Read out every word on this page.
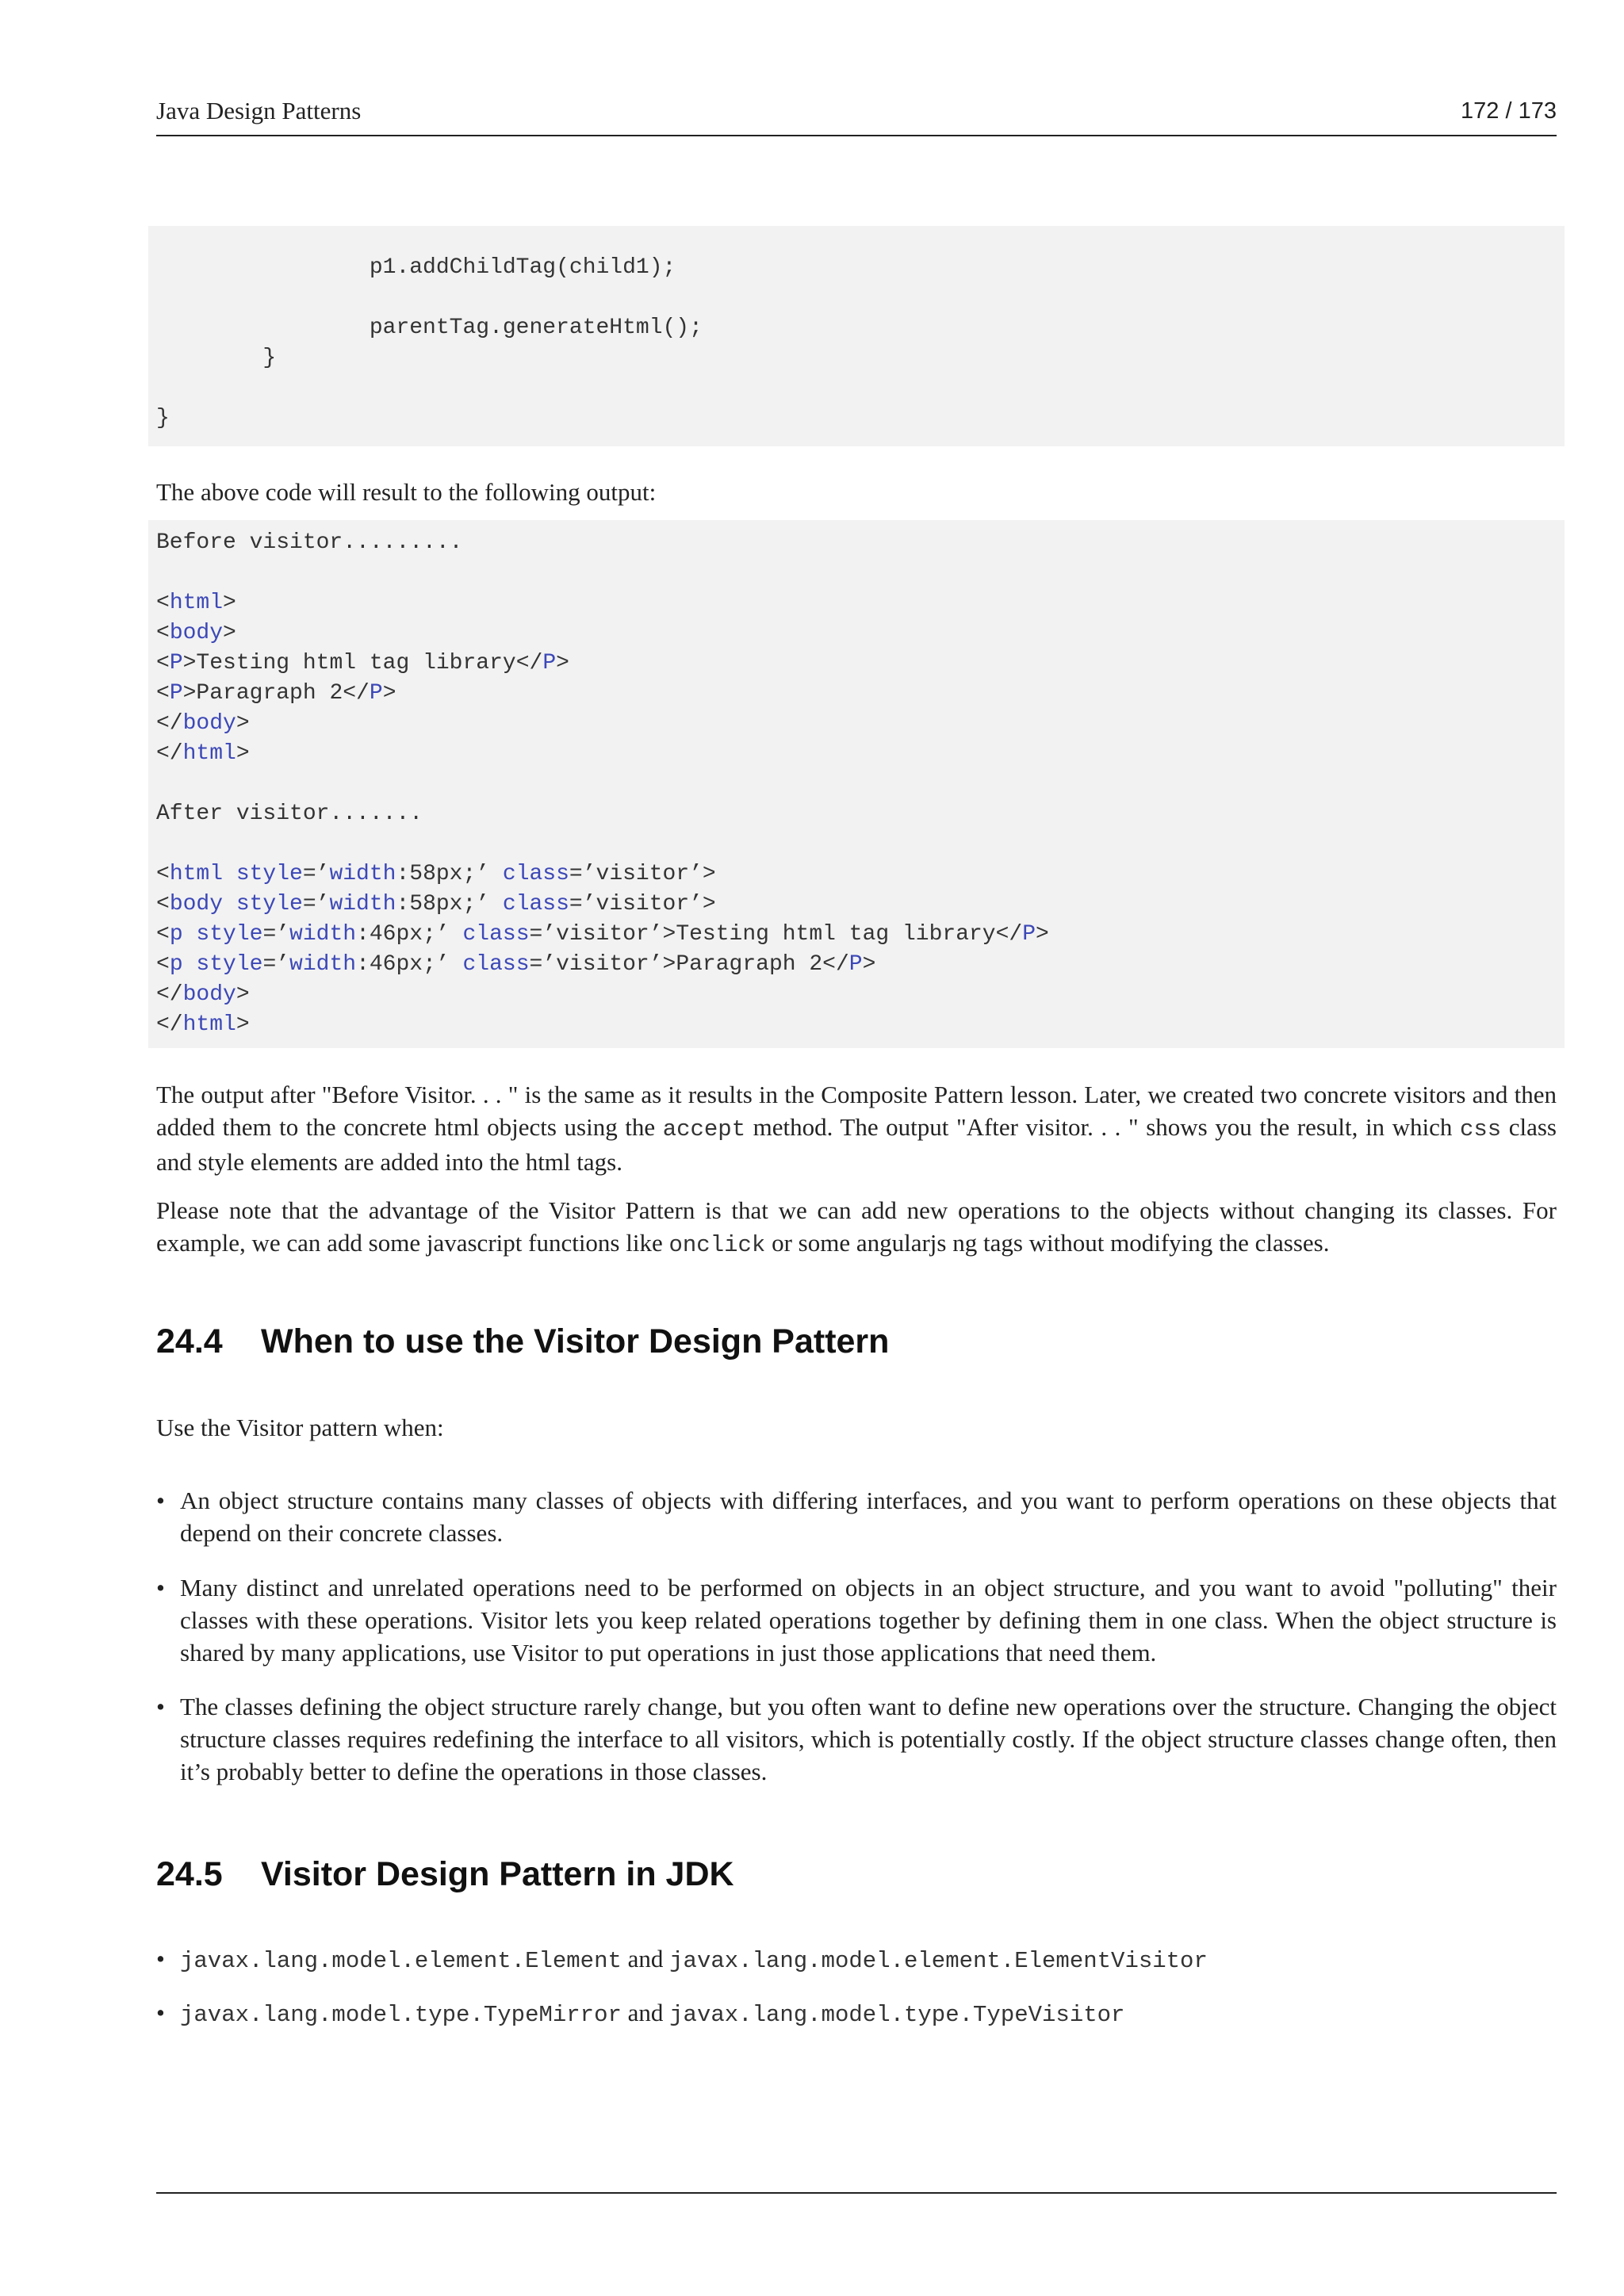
Java Design Patterns	172 / 173
p1.addChildTag(child1);
parentTag.generateHtml();
}
}
The above code will result to the following output:
Before visitor.........
<html>
<body>
<P>Testing html tag library</P>
<P>Paragraph 2</P>
</body>
</html>
After visitor.......
<html style=’width:58px;’ class=’visitor’>
<body style=’width:58px;’ class=’visitor’>
<p style=’width:46px;’ class=’visitor’>Testing html tag library</P>
<p style=’width:46px;’ class=’visitor’>Paragraph 2</P>
</body>
</html>
The output after "Before Visitor. . . " is the same as it results in the Composite Pattern lesson. Later, we created two concrete visitors and then added them to the concrete html objects using the accept method. The output "After visitor. . . " shows you the result, in which css class and style elements are added into the html tags.
Please note that the advantage of the Visitor Pattern is that we can add new operations to the objects without changing its classes. For example, we can add some javascript functions like onclick or some angularjs ng tags without modifying the classes.
24.4 When to use the Visitor Design Pattern
Use the Visitor pattern when:
• An object structure contains many classes of objects with differing interfaces, and you want to perform operations on these objects that depend on their concrete classes.
• Many distinct and unrelated operations need to be performed on objects in an object structure, and you want to avoid "polluting" their classes with these operations. Visitor lets you keep related operations together by defining them in one class. When the object structure is shared by many applications, use Visitor to put operations in just those applications that need them.
• The classes defining the object structure rarely change, but you often want to define new operations over the structure. Changing the object structure classes requires redefining the interface to all visitors, which is potentially costly. If the object structure classes change often, then it’s probably better to define the operations in those classes.
24.5 Visitor Design Pattern in JDK
• javax.lang.model.element.Element and javax.lang.model.element.ElementVisitor
• javax.lang.model.type.TypeMirror and javax.lang.model.type.TypeVisitor
